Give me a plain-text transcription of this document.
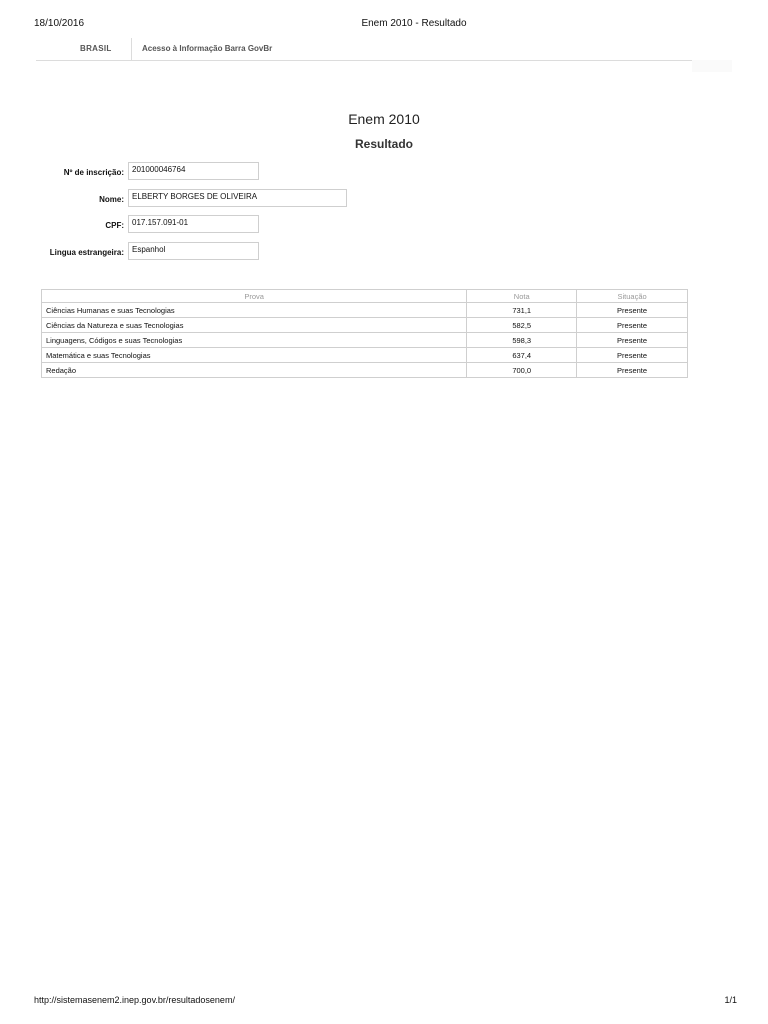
18/10/2016	Enem 2010 - Resultado
BRASIL	Acesso à Informação Barra GovBr
Enem 2010
Resultado
Nº de inscrição:	201000046764
Nome:	ELBERTY BORGES DE OLIVEIRA
CPF:	017.157.091-01
Lingua estrangeira:	Espanhol
Prova	Nota	Situação
Ciências Humanas e suas Tecnologias	731,1	Presente
Ciências da Natureza e suas Tecnologias	582,5	Presente
Linguagens, Códigos e suas Tecnologias	598,3	Presente
Matemática e suas Tecnologias	637,4	Presente
Redação	700,0	Presente
http://sistemasenem2.inep.gov.br/resultadosenem/	1/1
